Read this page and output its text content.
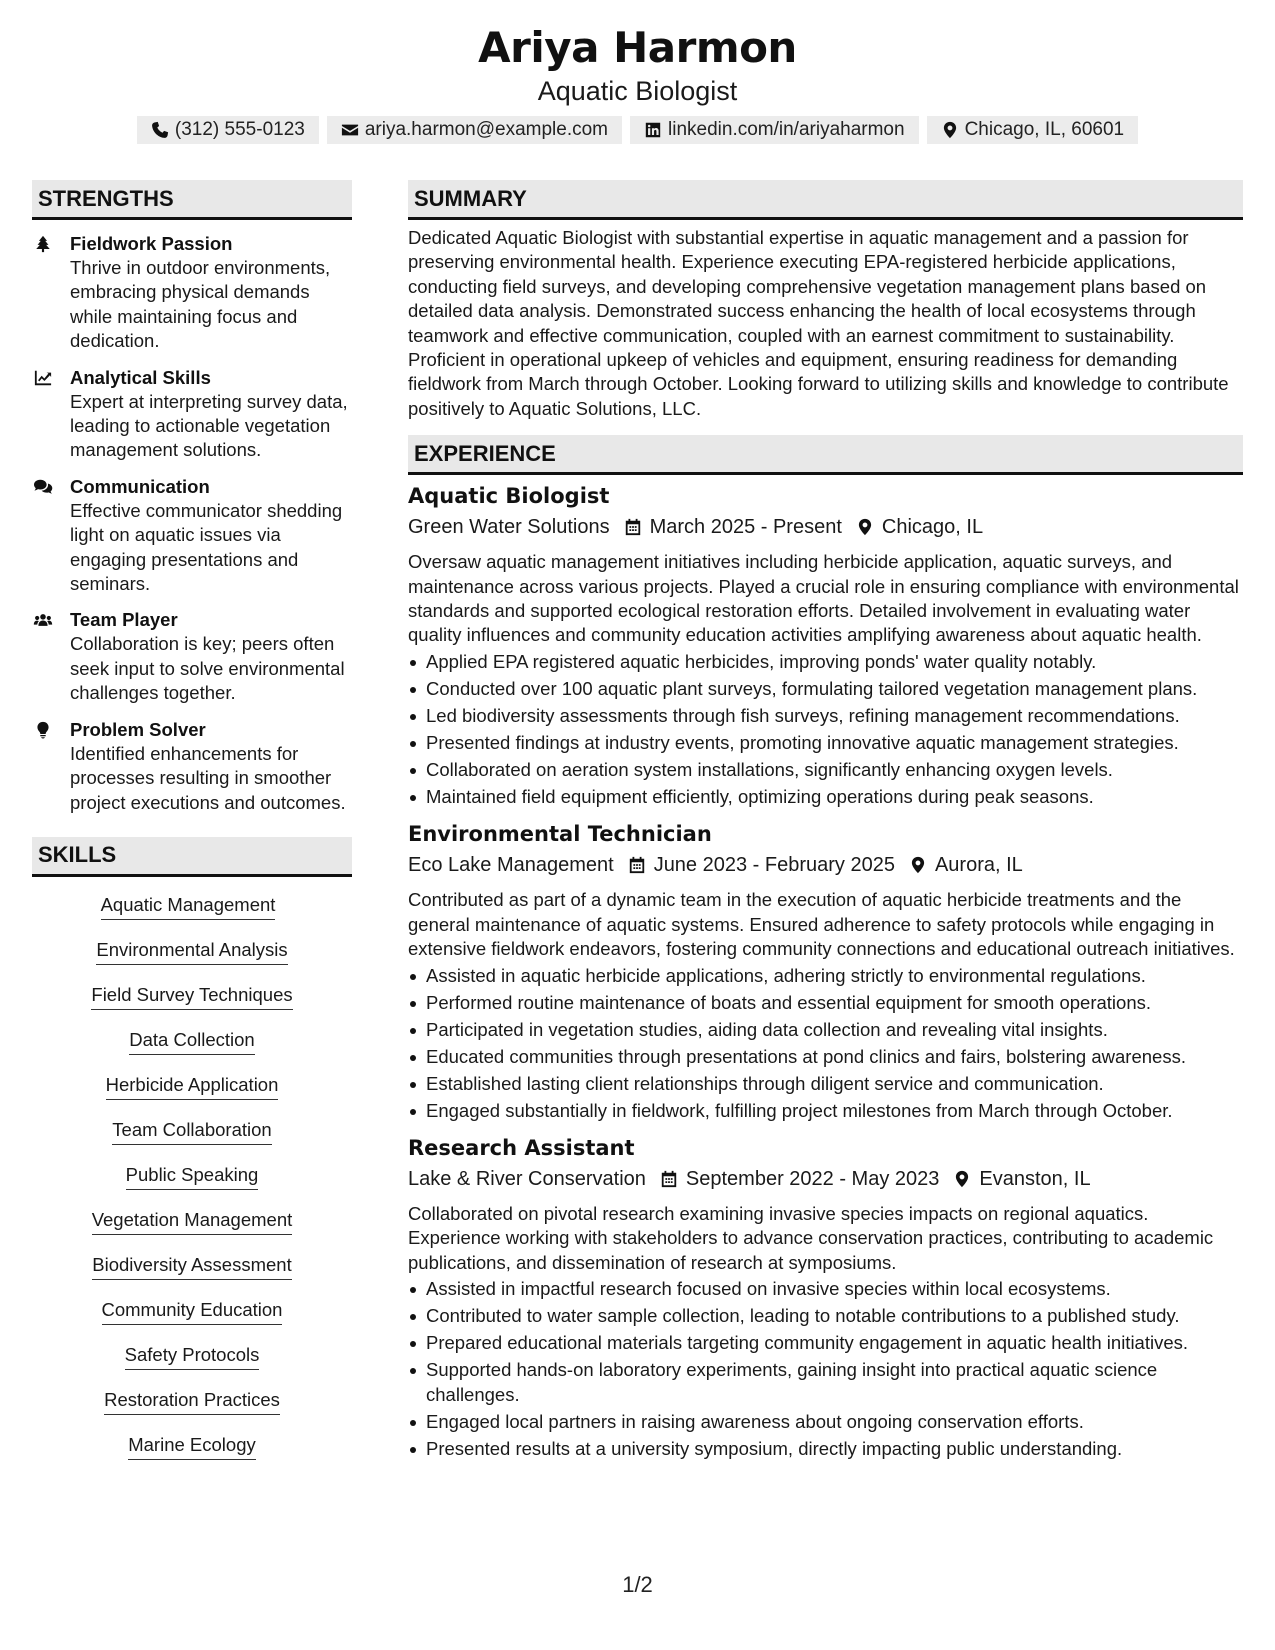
Ariya Harmon
Aquatic Biologist
(312) 555-0123	ariya.harmon@example.com	linkedin.com/in/ariyaharmon	Chicago, IL, 60601
STRENGTHS
Fieldwork Passion
Thrive in outdoor environments, embracing physical demands while maintaining focus and dedication.
Analytical Skills
Expert at interpreting survey data, leading to actionable vegetation management solutions.
Communication
Effective communicator shedding light on aquatic issues via engaging presentations and seminars.
Team Player
Collaboration is key; peers often seek input to solve environmental challenges together.
Problem Solver
Identified enhancements for processes resulting in smoother project executions and outcomes.
SKILLS
Aquatic Management
Environmental Analysis
Field Survey Techniques
Data Collection
Herbicide Application
Team Collaboration
Public Speaking
Vegetation Management
Biodiversity Assessment
Community Education
Safety Protocols
Restoration Practices
Marine Ecology
SUMMARY
Dedicated Aquatic Biologist with substantial expertise in aquatic management and a passion for preserving environmental health. Experience executing EPA-registered herbicide applications, conducting field surveys, and developing comprehensive vegetation management plans based on detailed data analysis. Demonstrated success enhancing the health of local ecosystems through teamwork and effective communication, coupled with an earnest commitment to sustainability. Proficient in operational upkeep of vehicles and equipment, ensuring readiness for demanding fieldwork from March through October. Looking forward to utilizing skills and knowledge to contribute positively to Aquatic Solutions, LLC.
EXPERIENCE
Aquatic Biologist
Green Water Solutions March 2025 - Present Chicago, IL
Oversaw aquatic management initiatives including herbicide application, aquatic surveys, and maintenance across various projects. Played a crucial role in ensuring compliance with environmental standards and supported ecological restoration efforts. Detailed involvement in evaluating water quality influences and community education activities amplifying awareness about aquatic health.
Applied EPA registered aquatic herbicides, improving ponds' water quality notably.
Conducted over 100 aquatic plant surveys, formulating tailored vegetation management plans.
Led biodiversity assessments through fish surveys, refining management recommendations.
Presented findings at industry events, promoting innovative aquatic management strategies.
Collaborated on aeration system installations, significantly enhancing oxygen levels.
Maintained field equipment efficiently, optimizing operations during peak seasons.
Environmental Technician
Eco Lake Management June 2023 - February 2025 Aurora, IL
Contributed as part of a dynamic team in the execution of aquatic herbicide treatments and the general maintenance of aquatic systems. Ensured adherence to safety protocols while engaging in extensive fieldwork endeavors, fostering community connections and educational outreach initiatives.
Assisted in aquatic herbicide applications, adhering strictly to environmental regulations.
Performed routine maintenance of boats and essential equipment for smooth operations.
Participated in vegetation studies, aiding data collection and revealing vital insights.
Educated communities through presentations at pond clinics and fairs, bolstering awareness.
Established lasting client relationships through diligent service and communication.
Engaged substantially in fieldwork, fulfilling project milestones from March through October.
Research Assistant
Lake & River Conservation September 2022 - May 2023 Evanston, IL
Collaborated on pivotal research examining invasive species impacts on regional aquatics. Experience working with stakeholders to advance conservation practices, contributing to academic publications, and dissemination of research at symposiums.
Assisted in impactful research focused on invasive species within local ecosystems.
Contributed to water sample collection, leading to notable contributions to a published study.
Prepared educational materials targeting community engagement in aquatic health initiatives.
Supported hands-on laboratory experiments, gaining insight into practical aquatic science challenges.
Engaged local partners in raising awareness about ongoing conservation efforts.
Presented results at a university symposium, directly impacting public understanding.
1/2
